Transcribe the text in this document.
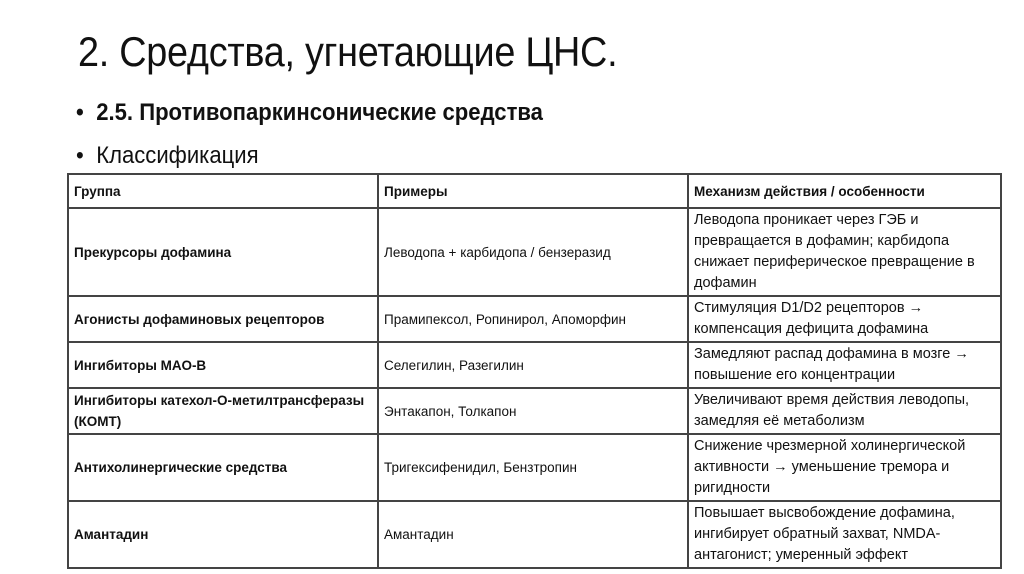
2. Средства, угнетающие ЦНС.
• 2.5. Противопаркинсонические средства
• Классификация
Группа	Примеры	Механизм действия / особенности
Прекурсоры дофамина	Леводопа + карбидопа / бензеразид	Леводопа проникает через ГЭБ и превращается в дофамин; карбидопа снижает периферическое превращение в дофамин
Агонисты дофаминовых рецепторов	Прамипексол, Ропинирол, Апоморфин	Стимуляция D1/D2 рецепторов → компенсация дефицита дофамина
Ингибиторы МАО-В	Селегилин, Разегилин	Замедляют распад дофамина в мозге → повышение его концентрации
Ингибиторы катехол-О-метилтрансферазы (КОМТ)	Энтакапон, Толкапон	Увеличивают время действия леводопы, замедляя её метаболизм
Антихолинергические средства	Тригексифенидил, Бензтропин	Снижение чрезмерной холинергической активности → уменьшение тремора и ригидности
Амантадин	Амантадин	Повышает высвобождение дофамина, ингибирует обратный захват, NMDA-антагонист; умеренный эффект
